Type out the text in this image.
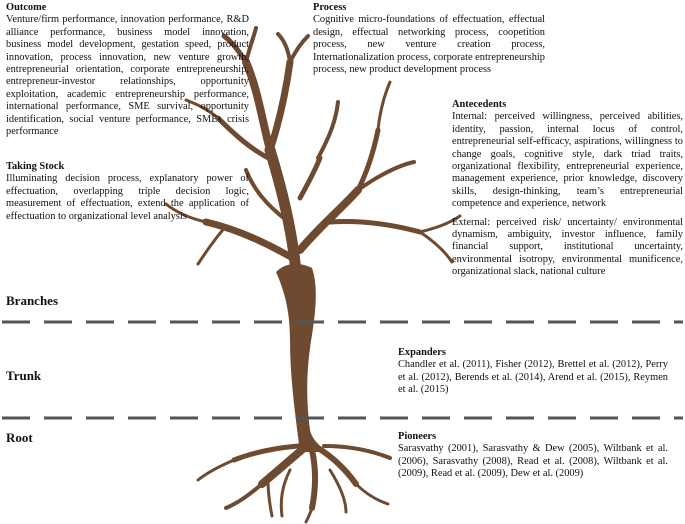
Outcome
Venture/firm performance, innovation performance, R&D alliance performance, business model innovation, business model development, gestation speed, product innovation, process innovation, new venture growth, entrepreneurial orientation, corporate entrepreneurship, entrepreneur-investor relationships, opportunity exploitation, academic entrepreneurship performance, international performance, SME survival, opportunity identification, social venture performance, SMEs crisis performance
Taking Stock
Illuminating decision process, explanatory power of effectuation, overlapping triple decision logic, measurement of effectuation, extend the application of effectuation to organizational level analysis
Process
Cognitive micro-foundations of effectuation, effectual design, effectual networking process, coopetition process, new venture creation process, Internationalization process, corporate entrepreneurship process, new product development process
Antecedents
Internal: perceived willingness, perceived abilities, identity, passion, internal locus of control, entrepreneurial self-efficacy, aspirations, willingness to change goals, cognitive style, dark triad traits, organizational flexibility, entrepreneurial experience, management experience, prior knowledge, discovery skills, design-thinking, team’s entrepreneurial competence and experience, network
External: perceived risk/ uncertainty/ environmental dynamism, ambiguity, investor influence, family financial support, institutional uncertainty, environmental isotropy, environmental munificence, organizational slack, national culture
Branches
Trunk
Root
Expanders
Chandler et al. (2011), Fisher (2012), Brettel et al. (2012), Perry et al. (2012), Berends et al. (2014), Arend et al. (2015), Reymen et al. (2015)
Pioneers
Sarasvathy (2001), Sarasvathy & Dew (2005), Wiltbank et al. (2006), Sarasvathy (2008), Read et al. (2008), Wiltbank et al. (2009), Read et al. (2009), Dew et al. (2009)
